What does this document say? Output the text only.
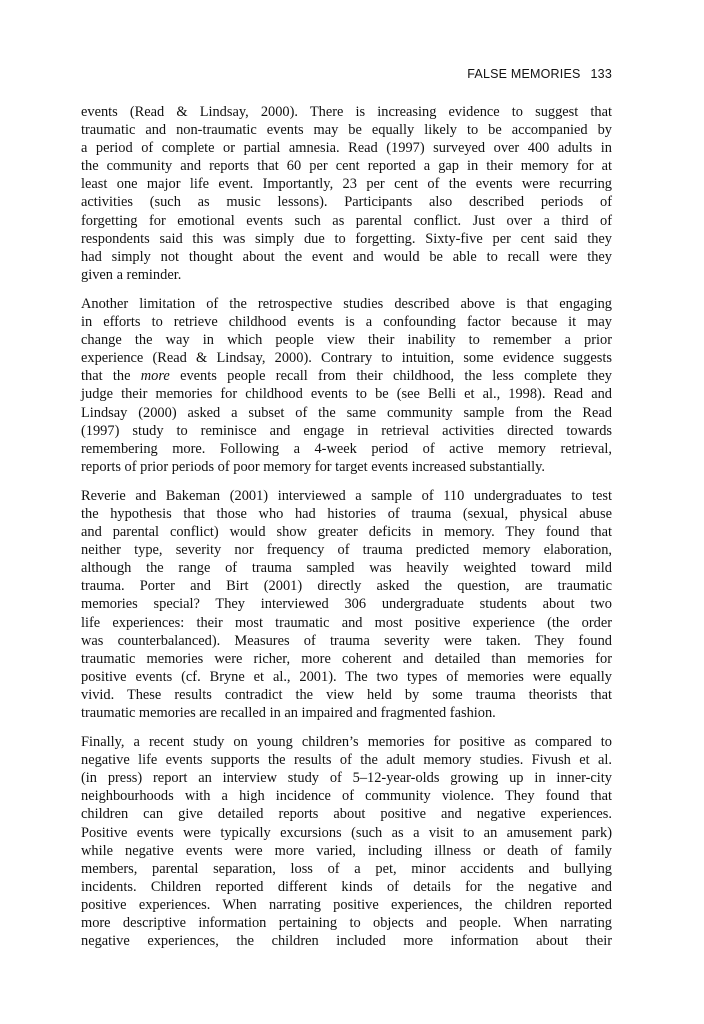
FALSE MEMORIES 133
events (Read & Lindsay, 2000). There is increasing evidence to suggest that
traumatic and non-traumatic events may be equally likely to be accompanied by
a period of complete or partial amnesia. Read (1997) surveyed over 400 adults in
the community and reports that 60 per cent reported a gap in their memory for at
least one major life event. Importantly, 23 per cent of the events were recurring
activities (such as music lessons). Participants also described periods of
forgetting for emotional events such as parental conflict. Just over a third of
respondents said this was simply due to forgetting. Sixty-five per cent said they
had simply not thought about the event and would be able to recall were they
given a reminder.
Another limitation of the retrospective studies described above is that engaging
in efforts to retrieve childhood events is a confounding factor because it may
change the way in which people view their inability to remember a prior
experience (Read & Lindsay, 2000). Contrary to intuition, some evidence suggests
that the more events people recall from their childhood, the less complete they
judge their memories for childhood events to be (see Belli et al., 1998). Read and
Lindsay (2000) asked a subset of the same community sample from the Read
(1997) study to reminisce and engage in retrieval activities directed towards
remembering more. Following a 4-week period of active memory retrieval,
reports of prior periods of poor memory for target events increased substantially.
Reverie and Bakeman (2001) interviewed a sample of 110 undergraduates to test
the hypothesis that those who had histories of trauma (sexual, physical abuse
and parental conflict) would show greater deficits in memory. They found that
neither type, severity nor frequency of trauma predicted memory elaboration,
although the range of trauma sampled was heavily weighted toward mild
trauma. Porter and Birt (2001) directly asked the question, are traumatic
memories special? They interviewed 306 undergraduate students about two
life experiences: their most traumatic and most positive experience (the order
was counterbalanced). Measures of trauma severity were taken. They found
traumatic memories were richer, more coherent and detailed than memories for
positive events (cf. Bryne et al., 2001). The two types of memories were equally
vivid. These results contradict the view held by some trauma theorists that
traumatic memories are recalled in an impaired and fragmented fashion.
Finally, a recent study on young children’s memories for positive as compared to
negative life events supports the results of the adult memory studies. Fivush et al.
(in press) report an interview study of 5–12-year-olds growing up in inner-city
neighbourhoods with a high incidence of community violence. They found that
children can give detailed reports about positive and negative experiences.
Positive events were typically excursions (such as a visit to an amusement park)
while negative events were more varied, including illness or death of family
members, parental separation, loss of a pet, minor accidents and bullying
incidents. Children reported different kinds of details for the negative and
positive experiences. When narrating positive experiences, the children reported
more descriptive information pertaining to objects and people. When narrating
negative experiences, the children included more information about their
